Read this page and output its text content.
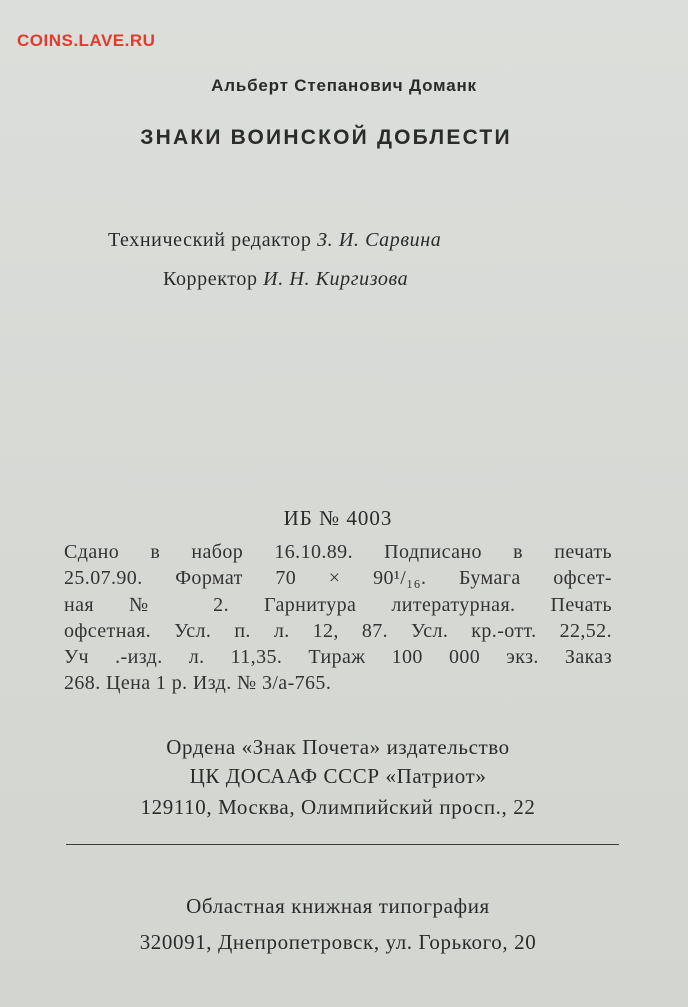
COINS.LAVE.RU
Альберт Степанович Доманк
ЗНАКИ ВОИНСКОЙ ДОБЛЕСТИ
Технический редактор З. И. Сарвина
Корректор И. Н. Киргизова
ИБ № 4003
Сдано в набор 16.10.89. Подписано в печать
25.07.90. Формат 70 × 90¹/₁₆. Бумага офсет-
ная № 2. Гарнитура литературная. Печать
офсетная. Усл. п. л. 12, 87. Усл. кр.-отт. 22,52.
Уч .-изд. л. 11,35. Тираж 100 000 экз. Заказ
268. Цена 1 р. Изд. № 3/а-765.
Ордена «Знак Почета» издательство
ЦК ДОСААФ СССР «Патриот»
129110, Москва, Олимпийский просп., 22
Областная книжная типография
320091, Днепропетровск, ул. Горького, 20
